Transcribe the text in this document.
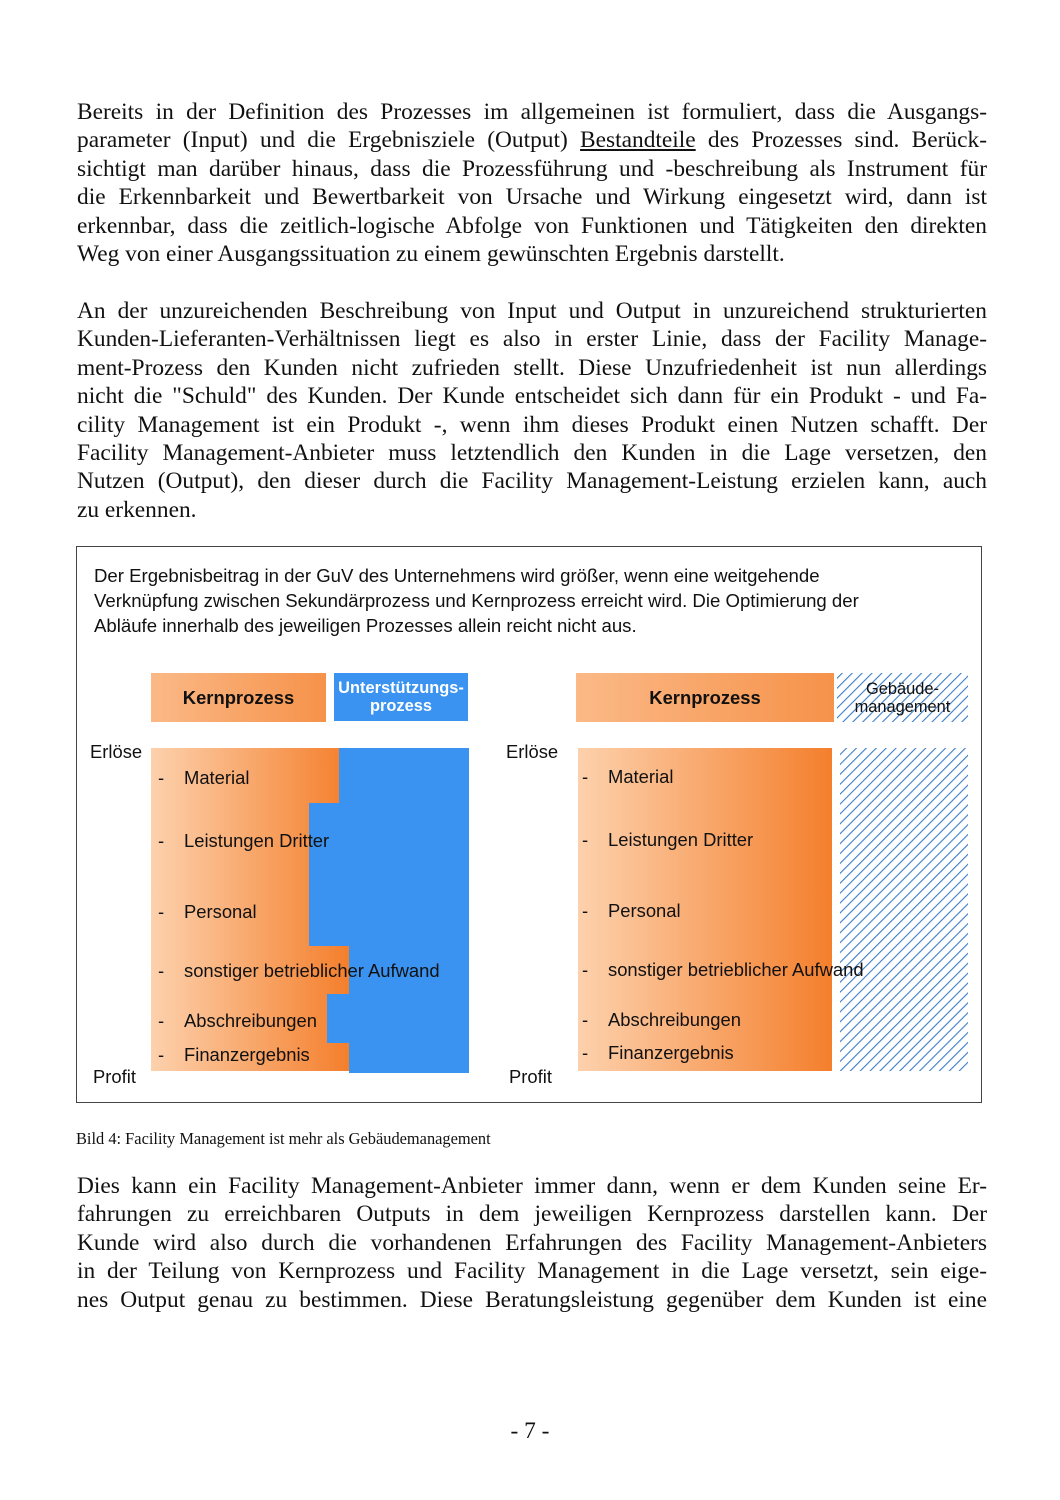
Bereits in der Definition des Prozesses im allgemeinen ist formuliert, dass die Ausgangs-
parameter (Input) und die Ergebnisziele (Output) Bestandteile des Prozesses sind. Berück-
sichtigt man darüber hinaus, dass die Prozessführung und -beschreibung als Instrument für
die Erkennbarkeit und Bewertbarkeit von Ursache und Wirkung eingesetzt wird, dann ist
erkennbar, dass die zeitlich-logische Abfolge von Funktionen und Tätigkeiten den direkten
Weg von einer Ausgangssituation zu einem gewünschten Ergebnis darstellt.
An der unzureichenden Beschreibung von Input und Output in unzureichend strukturierten
Kunden-Lieferanten-Verhältnissen liegt es also in erster Linie, dass der Facility Manage-
ment-Prozess den Kunden nicht zufrieden stellt. Diese Unzufriedenheit ist nun allerdings
nicht die "Schuld" des Kunden. Der Kunde entscheidet sich dann für ein Produkt - und Fa-
cility Management ist ein Produkt -, wenn ihm dieses Produkt einen Nutzen schafft. Der
Facility Management-Anbieter muss letztendlich den Kunden in die Lage versetzen, den
Nutzen (Output), den dieser durch die Facility Management-Leistung erzielen kann, auch
zu erkennen.
Der Ergebnisbeitrag in der GuV des Unternehmens wird größer, wenn eine weitgehende
Verknüpfung zwischen Sekundärprozess und Kernprozess erreicht wird. Die Optimierung der
Abläufe innerhalb des jeweiligen Prozesses allein reicht nicht aus.
Kernprozess	Unterstützungs-
prozess	Kernprozess	Gebäude-
management
Erlöse
Profit
Erlöse
Profit
- Material
- Leistungen Dritter
- Personal
- sonstiger betrieblicher Aufwand
- Abschreibungen
- Finanzergebnis
- Material
- Leistungen Dritter
- Personal
- sonstiger betrieblicher Aufwand
- Abschreibungen
- Finanzergebnis
Bild 4: Facility Management ist mehr als Gebäudemanagement
Dies kann ein Facility Management-Anbieter immer dann, wenn er dem Kunden seine Er-
fahrungen zu erreichbaren Outputs in dem jeweiligen Kernprozess darstellen kann. Der
Kunde wird also durch die vorhandenen Erfahrungen des Facility Management-Anbieters
in der Teilung von Kernprozess und Facility Management in die Lage versetzt, sein eige-
nes Output genau zu bestimmen. Diese Beratungsleistung gegenüber dem Kunden ist eine
- 7 -
